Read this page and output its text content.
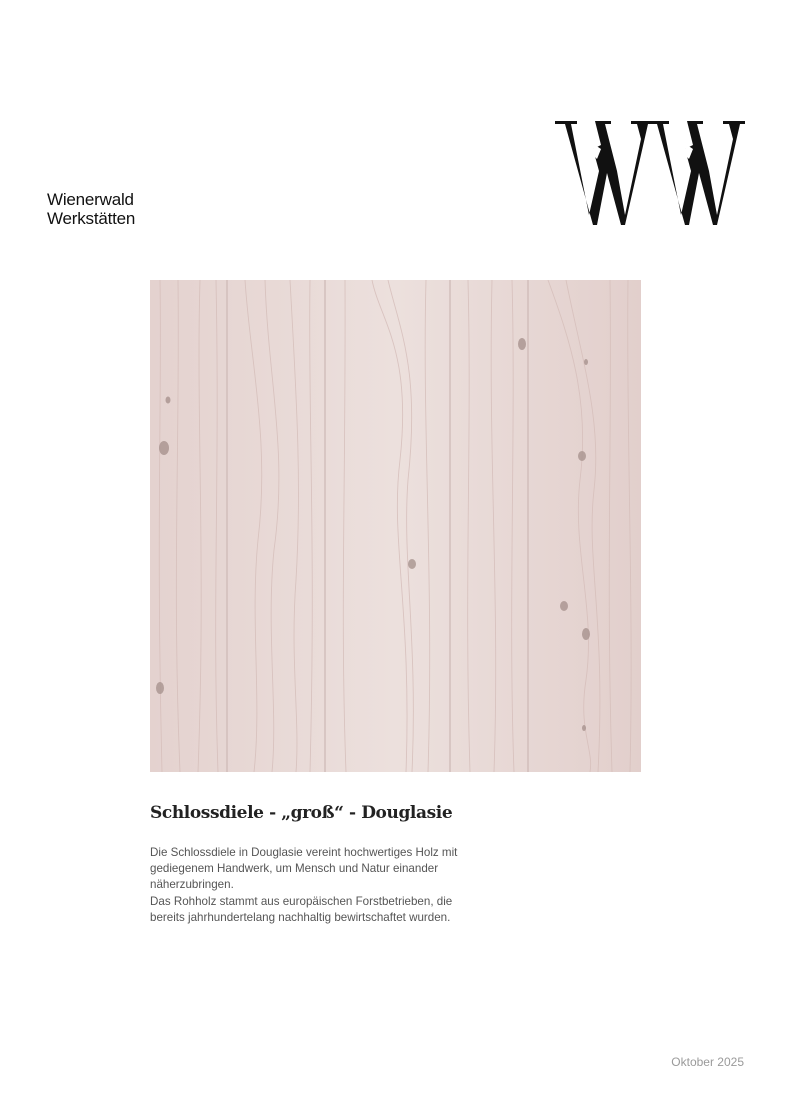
Wienerwald
Werkstätten
Schlossdiele - „groß“ - Douglasie

Die Schlossdiele in Douglasie vereint hochwertiges Holz mit gediegenem Handwerk, um Mensch und Natur einander näherzubringen.

Das Rohholz stammt aus europäischen Forstbetrieben, die bereits jahrhundertelang nachhaltig bewirtschaftet wurden.

Oktober 2025
